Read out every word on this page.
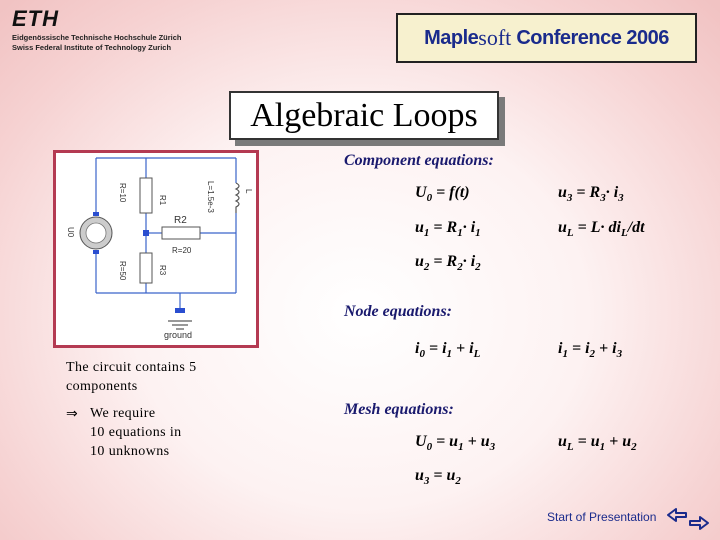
ETH
Eidgenössische Technische Hochschule Zürich
Swiss Federal Institute of Technology Zurich	Maple soft Conference 2006
Algebraic Loops
R1
R=10
R2
R=20
R3
R=50
L
L=1.5e-3
U0
ground
The circuit contains 5
components
⇒ We require
10 equations in
10 unknowns
Component equations:
$U_0 = f(t)$	$u_3 = R_3\cdot i_3$
$u_1 = R_1\cdot i_1$	$u_L = L\cdot di_L/dt$
$u_2 = R_2\cdot i_2$
Node equations:
$i_0 = i_1 + i_L$	$i_1 = i_2 + i_3$
Mesh equations:
$U_0 = u_1 + u_3$	$u_L = u_1 + u_2$
$u_3 = u_2$
Start of Presentation
